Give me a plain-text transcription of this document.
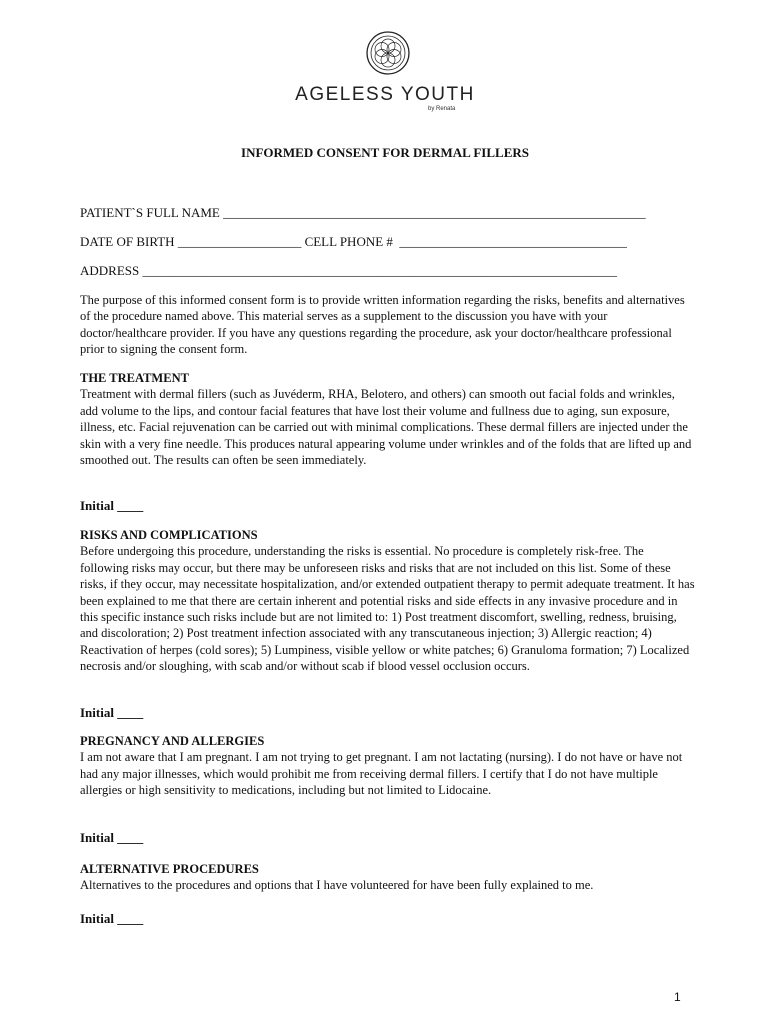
AGELESS YOUTH
by Renata
INFORMED CONSENT FOR DERMAL FILLERS
PATIENT`S FULL NAME _________________________________________________________________
DATE OF BIRTH ___________________ CELL PHONE #  ___________________________________
ADDRESS _________________________________________________________________________

The purpose of this informed consent form is to provide written information regarding the risks, benefits and alternatives of the procedure named above. This material serves as a supplement to the discussion you have with your doctor/healthcare provider. If you have any questions regarding the procedure, ask your doctor/healthcare professional prior to signing the consent form.

THE TREATMENT

Treatment with dermal fillers (such as Juvéderm, RHA, Belotero, and others) can smooth out facial folds and wrinkles, add volume to the lips, and contour facial features that have lost their volume and fullness due to aging, sun exposure, illness, etc. Facial rejuvenation can be carried out with minimal complications. These dermal fillers are injected under the skin with a very fine needle. This produces natural appearing volume under wrinkles and of the folds that are lifted up and smoothed out. The results can often be seen immediately.

Initial ____

RISKS AND COMPLICATIONS

Before undergoing this procedure, understanding the risks is essential. No procedure is completely risk-free. The following risks may occur, but there may be unforeseen risks and risks that are not included on this list. Some of these risks, if they occur, may necessitate hospitalization, and/or extended outpatient therapy to permit adequate treatment. It has been explained to me that there are certain inherent and potential risks and side effects in any invasive procedure and in this specific instance such risks include but are not limited to: 1) Post treatment discomfort, swelling, redness, bruising, and discoloration; 2) Post treatment infection associated with any transcutaneous injection; 3) Allergic reaction; 4) Reactivation of herpes (cold sores); 5) Lumpiness, visible yellow or white patches; 6) Granuloma formation; 7) Localized necrosis and/or sloughing, with scab and/or without scab if blood vessel occlusion occurs.

Initial ____

PREGNANCY AND ALLERGIES

I am not aware that I am pregnant. I am not trying to get pregnant. I am not lactating (nursing). I do not have or have not had any major illnesses, which would prohibit me from receiving dermal fillers. I certify that I do not have multiple allergies or high sensitivity to medications, including but not limited to Lidocaine.

Initial ____

ALTERNATIVE PROCEDURES

Alternatives to the procedures and options that I have volunteered for have been fully explained to me.

Initial ____
1
